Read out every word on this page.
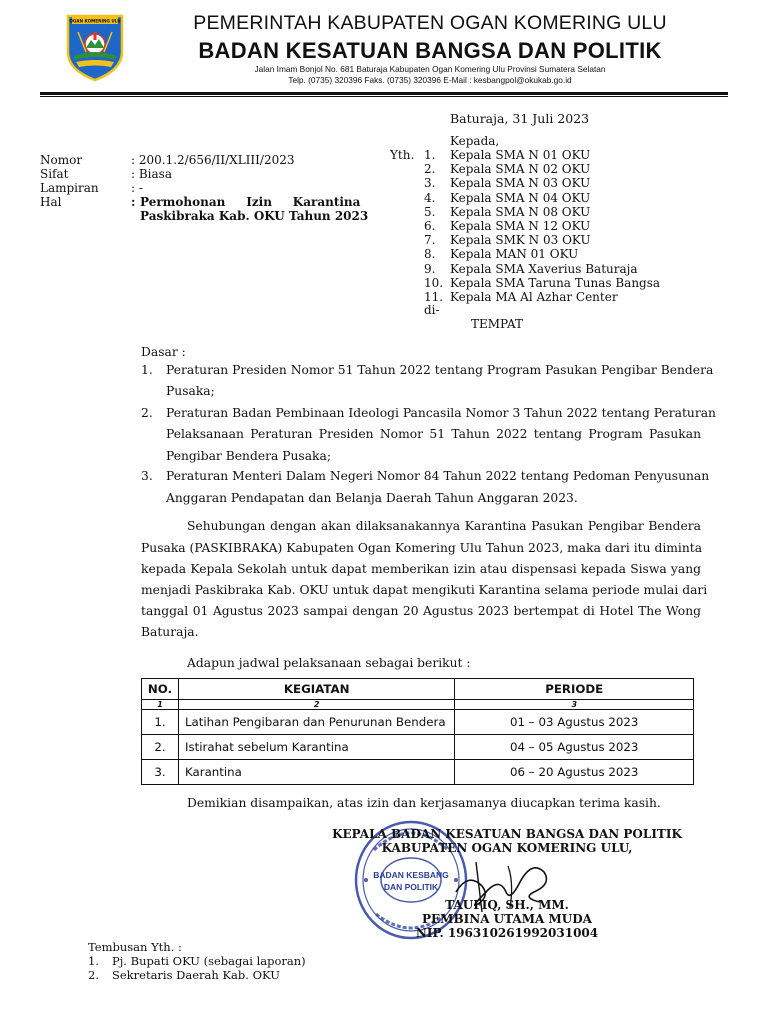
OGAN KOMERING ULU	PEMERINTAH KABUPATEN OGAN KOMERING ULU
BADAN KESATUAN BANGSA DAN POLITIK
Jalan Imam Bonjol No. 681 Baturaja Kabupaten Ogan Komering Ulu Provinsi Sumatera Selatan
Telp. (0735) 320396 Faks. (0735) 320396 E-Mail : kesbangpol@okukab.go.id
Baturaja, 31 Juli 2023
Nomor	: 200.1.2/656/II/XLIII/2023
Sifat	: Biasa
Lampiran	: -
Hal	: Permohonan     Izin     Karantina
Paskibraka Kab. OKU Tahun 2023
Kepada,
Yth. 1. Kepala SMA N 01 OKU
2. Kepala SMA N 02 OKU
3. Kepala SMA N 03 OKU
4. Kepala SMA N 04 OKU
5. Kepala SMA N 08 OKU
6. Kepala SMA N 12 OKU
7. Kepala SMK N 03 OKU
8. Kepala MAN 01 OKU
9. Kepala SMA Xaverius Baturaja
10. Kepala SMA Taruna Tunas Bangsa
11. Kepala MA Al Azhar Center
di-
TEMPAT
Dasar :
1. Peraturan Presiden Nomor 51 Tahun 2022 tentang Program Pasukan Pengibar Bendera
Pusaka;
2. Peraturan Badan Pembinaan Ideologi Pancasila Nomor 3 Tahun 2022 tentang Peraturan
Pelaksanaan Peraturan Presiden Nomor 51 Tahun 2022 tentang Program Pasukan
Pengibar Bendera Pusaka;
3. Peraturan Menteri Dalam Negeri Nomor 84 Tahun 2022 tentang Pedoman Penyusunan
Anggaran Pendapatan dan Belanja Daerah Tahun Anggaran 2023.
Sehubungan dengan akan dilaksanakannya Karantina Pasukan Pengibar Bendera
Pusaka (PASKIBRAKA) Kabupaten Ogan Komering Ulu Tahun 2023, maka dari itu diminta
kepada Kepala Sekolah untuk dapat memberikan izin atau dispensasi kepada Siswa yang
menjadi Paskibraka Kab. OKU untuk dapat mengikuti Karantina selama periode mulai dari
tanggal 01 Agustus 2023 sampai dengan 20 Agustus 2023 bertempat di Hotel The Wong
Baturaja.
Adapun jadwal pelaksanaan sebagai berikut :
NO.	KEGIATAN	PERIODE
1	2	3
1.	Latihan Pengibaran dan Penurunan Bendera	01 – 03 Agustus 2023
2.	Istirahat sebelum Karantina	04 – 05 Agustus 2023
3.	Karantina	06 – 20 Agustus 2023
Demikian disampaikan, atas izin dan kerjasamanya diucapkan terima kasih.
BADAN KESBANG
DAN POLITIK
KEPALA BADAN KESATUAN BANGSA DAN POLITIK
KABUPATEN OGAN KOMERING ULU,
TAUFIQ, SH., MM.
PEMBINA UTAMA MUDA
NIP. 196310261992031004
Tembusan Yth. :
1. Pj. Bupati OKU (sebagai laporan)
2. Sekretaris Daerah Kab. OKU
